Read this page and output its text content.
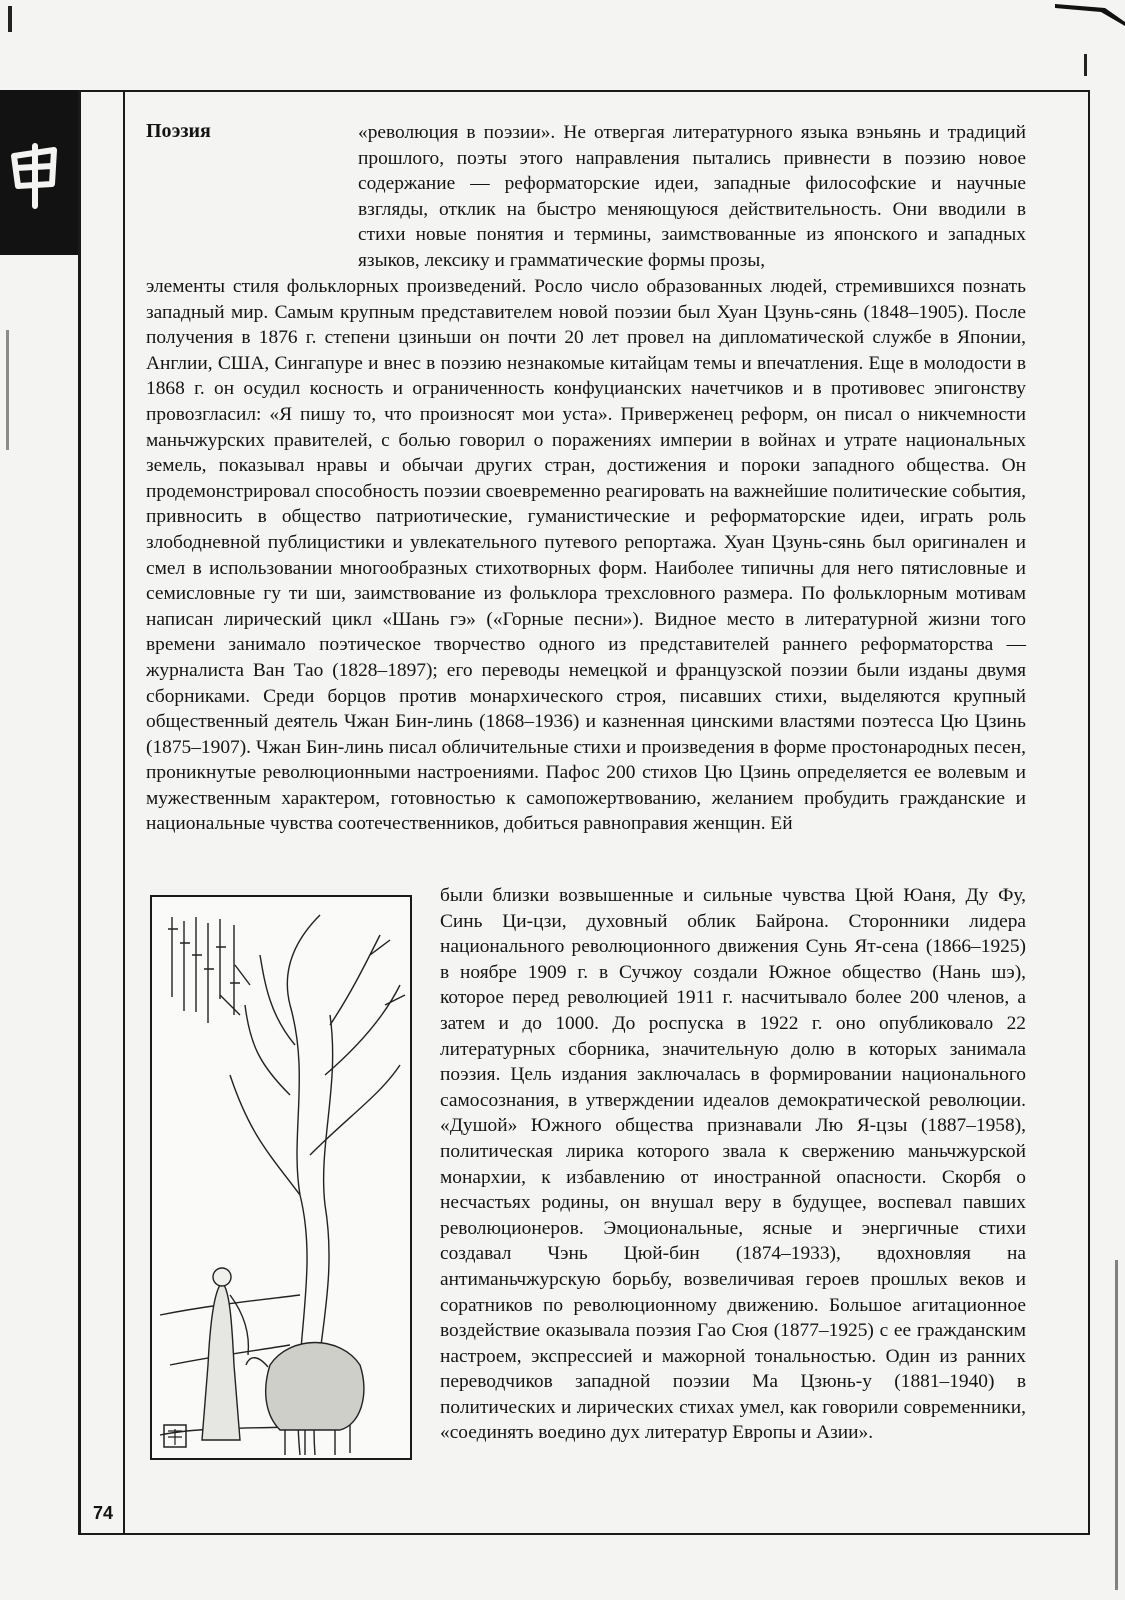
Поэзия	«революция в поэзии». Не отвергая литературного языка вэньянь и традиций прошлого, поэты этого направления пытались привнести в поэзию новое содержание — реформаторские идеи, западные философские и научные взгляды, отклик на быстро меняющуюся действительность. Они вводили в стихи новые понятия и термины, заимствованные из японского и западных языков, лексику и грамматические формы прозы,
элементы стиля фольклорных произведений. Росло число образованных людей, стремившихся познать западный мир. Самым крупным представителем новой поэзии был Хуан Цзунь-сянь (1848–1905). После получения в 1876 г. степени цзиньши он почти 20 лет провел на дипломатической службе в Японии, Англии, США, Сингапуре и внес в поэзию незнакомые китайцам темы и впечатления. Еще в молодости в 1868 г. он осудил косность и ограниченность конфуцианских начетчиков и в противовес эпигонству провозгласил: «Я пишу то, что произносят мои уста». Приверженец реформ, он писал о никчемности маньчжурских правителей, с болью говорил о поражениях империи в войнах и утрате национальных земель, показывал нравы и обычаи других стран, достижения и пороки западного общества. Он продемонстрировал способность поэзии своевременно реагировать на важнейшие политические события, привносить в общество патриотические, гуманистические и реформаторские идеи, играть роль злободневной публицистики и увлекательного путевого репортажа. Хуан Цзунь-сянь был оригинален и смел в использовании многообразных стихотворных форм. Наиболее типичны для него пятисловные и семисловные гу ти ши, заимствование из фольклора трехсловного размера. По фольклорным мотивам написан лирический цикл «Шань гэ» («Горные песни»). Видное место в литературной жизни того времени занимало поэтическое творчество одного из представителей раннего реформаторства — журналиста Ван Тао (1828–1897); его переводы немецкой и французской поэзии были изданы двумя сборниками. Среди борцов против монархического строя, писавших стихи, выделяются крупный общественный деятель Чжан Бин-линь (1868–1936) и казненная цинскими властями поэтесса Цю Цзинь (1875–1907). Чжан Бин-линь писал обличительные стихи и произведения в форме простонародных песен, проникнутые революционными настроениями. Пафос 200 стихов Цю Цзинь определяется ее волевым и мужественным характером, готовностью к самопожертвованию, желанием пробудить гражданские и национальные чувства соотечественников, добиться равноправия женщин. Ей
были близки возвышенные и сильные чувства Цюй Юаня, Ду Фу, Синь Ци-цзи, духовный облик Байрона. Сторонники лидера национального революционного движения Сунь Ят-сена (1866–1925) в ноябре 1909 г. в Сучжоу создали Южное общество (Нань шэ), которое перед революцией 1911 г. насчитывало более 200 членов, а затем и до 1000. До роспуска в 1922 г. оно опубликовало 22 литературных сборника, значительную долю в которых занимала поэзия. Цель издания заключалась в формировании национального самосознания, в утверждении идеалов демократической революции. «Душой» Южного общества признавали Лю Я-цзы (1887–1958), политическая лирика которого звала к свержению маньчжурской монархии, к избавлению от иностранной опасности. Скорбя о несчастьях родины, он внушал веру в будущее, воспевал павших революционеров. Эмоциональные, ясные и энергичные стихи создавал Чэнь Цюй-бин (1874–1933), вдохновляя на антиманьчжурскую борьбу, возвеличивая героев прошлых веков и соратников по революционному движению. Большое агитационное воздействие оказывала поэзия Гао Сюя (1877–1925) с ее гражданским настроем, экспрессией и мажорной тональностью. Один из ранних переводчиков западной поэзии Ма Цзюнь-у (1881–1940) в политических и лирических стихах умел, как говорили современники, «соединять воедино дух литератур Европы и Азии».
74
